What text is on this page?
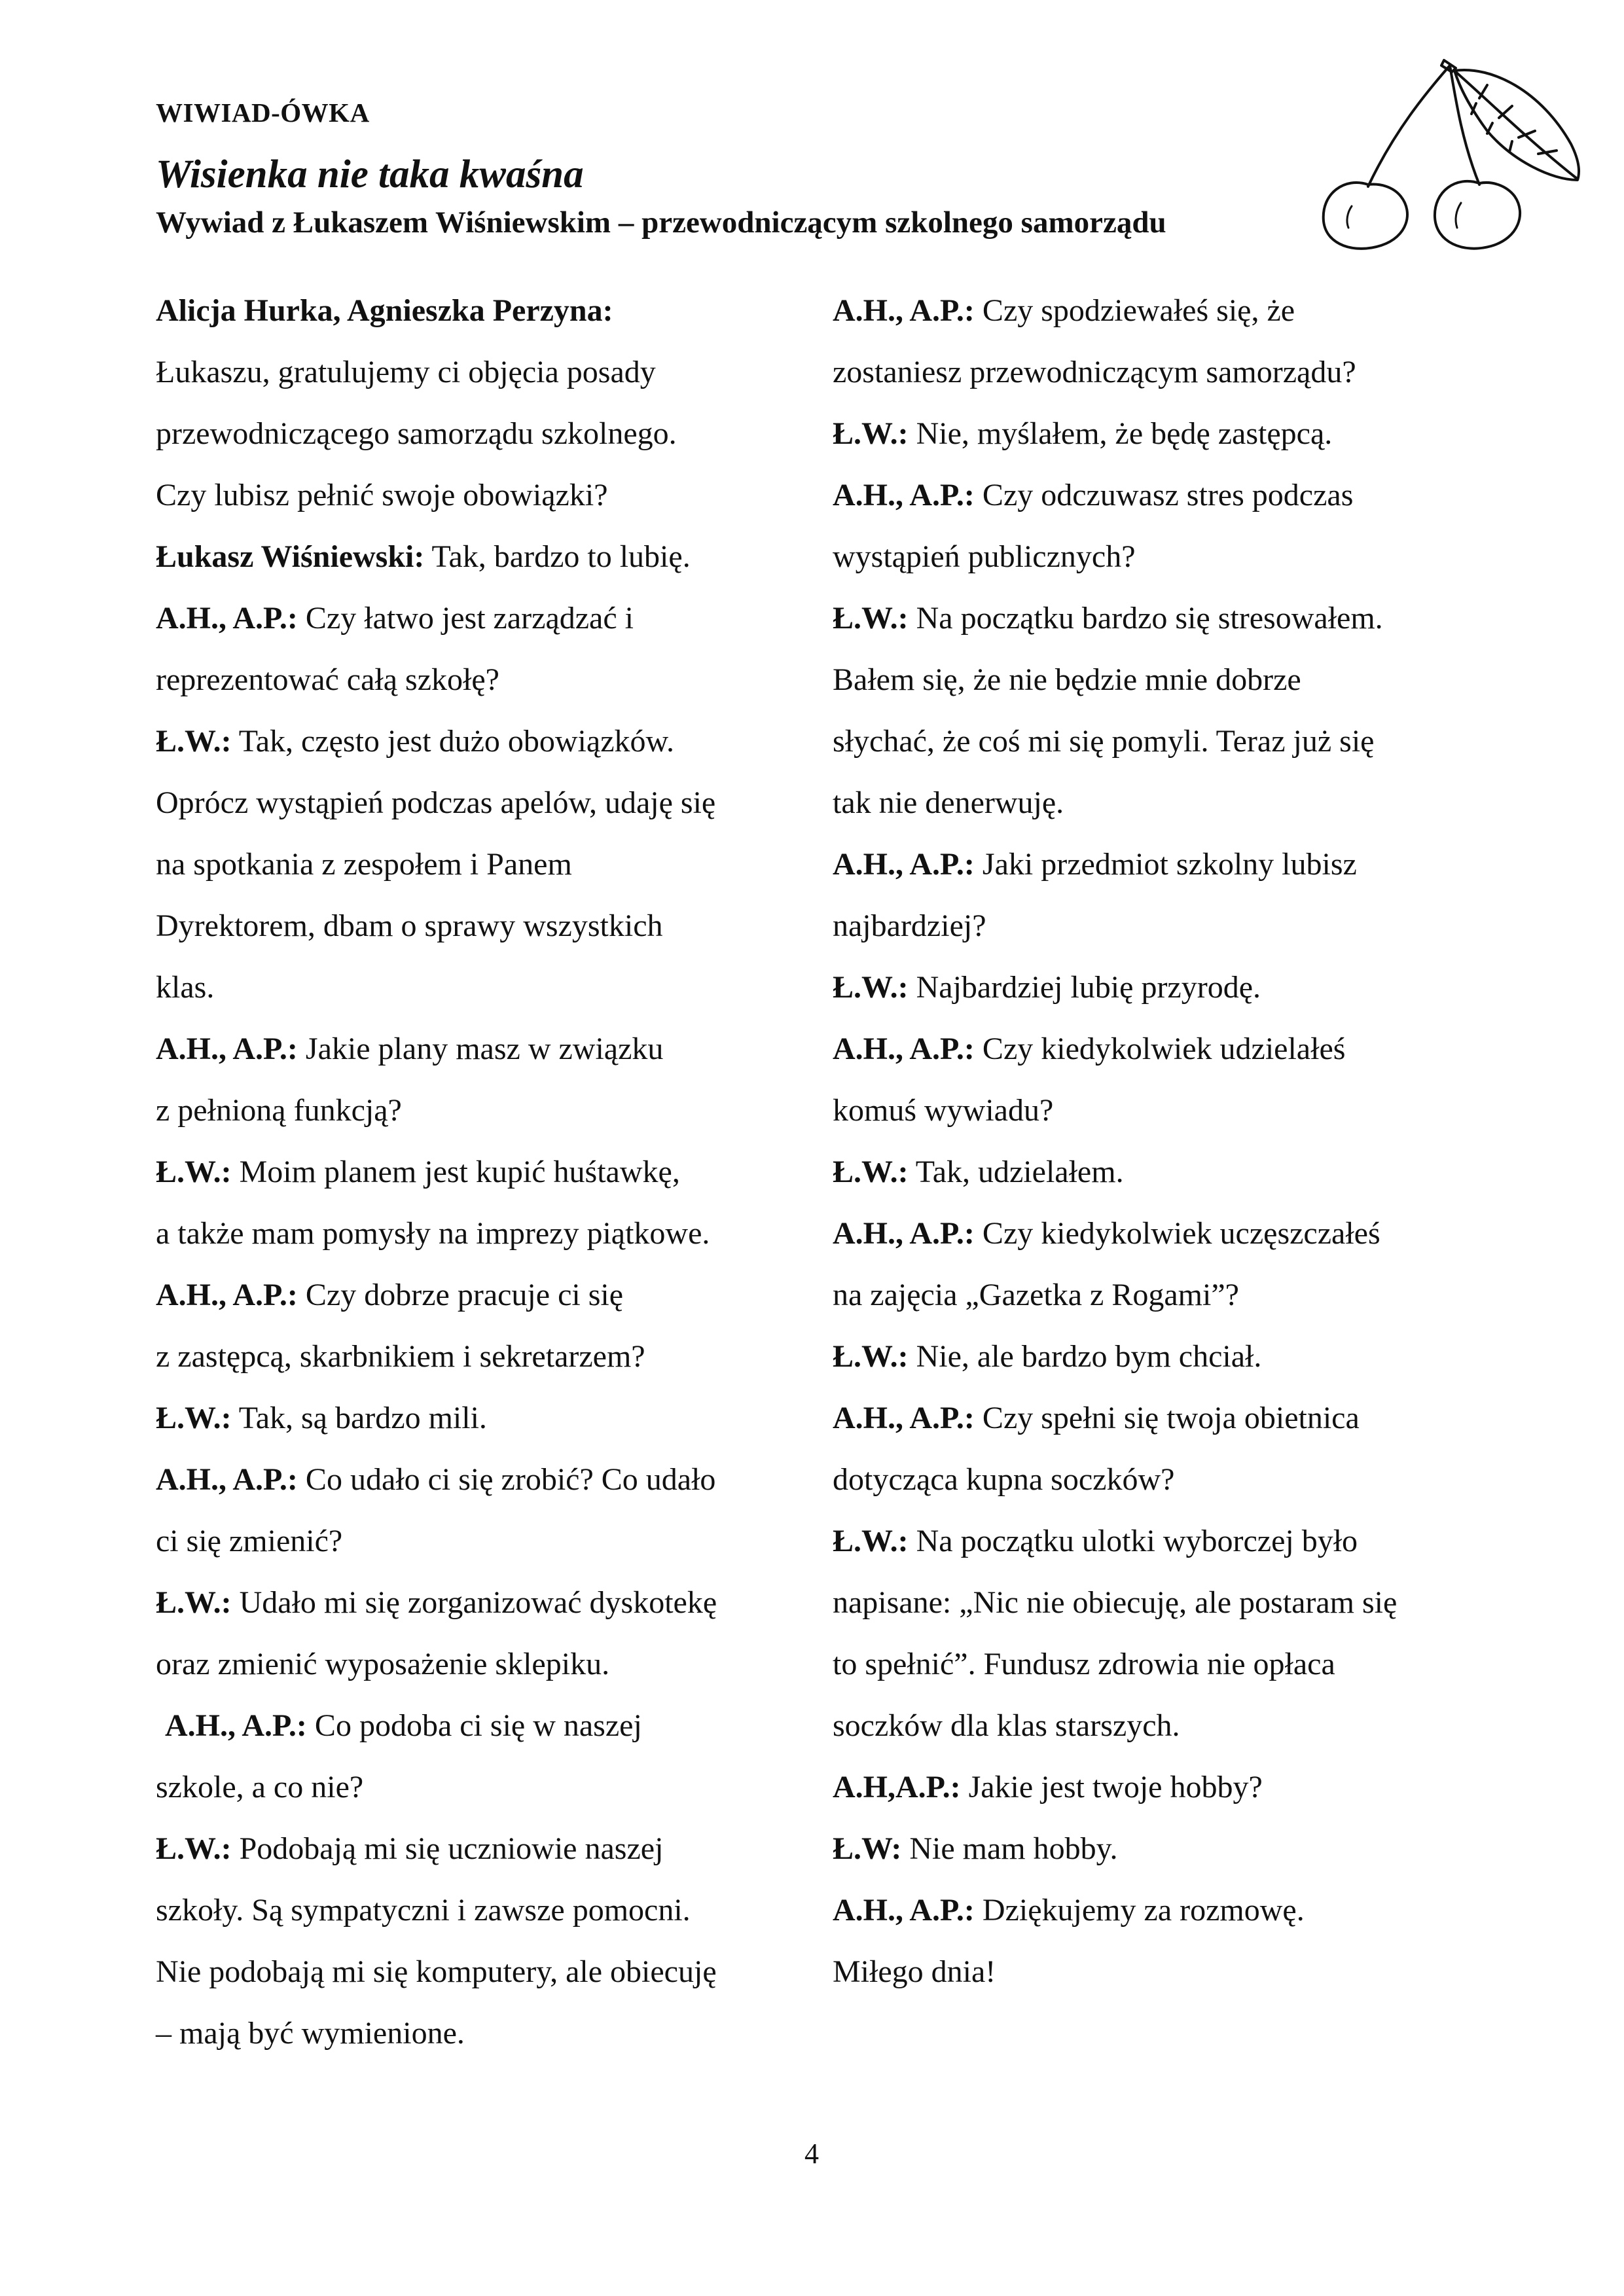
WIWIAD-ÓWKA
Wisienka nie taka kwaśna
Wywiad z Łukaszem Wiśniewskim – przewodniczącym szkolnego samorządu

Alicja Hurka, Agnieszka Perzyna:

Łukaszu, gratulujemy ci objęcia posady

przewodniczącego samorządu szkolnego.

Czy lubisz pełnić swoje obowiązki?

Łukasz Wiśniewski: Tak, bardzo to lubię.

A.H., A.P.: Czy łatwo jest zarządzać i

reprezentować całą szkołę?

Ł.W.: Tak, często jest dużo obowiązków.

Oprócz wystąpień podczas apelów, udaję się

na spotkania z zespołem i Panem

Dyrektorem, dbam o sprawy wszystkich

klas.

A.H., A.P.: Jakie plany masz w związku

z pełnioną funkcją?

Ł.W.: Moim planem jest kupić huśtawkę,

a także mam pomysły na imprezy piątkowe.

A.H., A.P.: Czy dobrze pracuje ci się

z zastępcą, skarbnikiem i sekretarzem?

Ł.W.: Tak, są bardzo mili.

A.H., A.P.: Co udało ci się zrobić? Co udało

ci się zmienić?

Ł.W.: Udało mi się zorganizować dyskotekę

oraz zmienić wyposażenie sklepiku.

A.H., A.P.: Co podoba ci się w naszej

szkole, a co nie?

Ł.W.: Podobają mi się uczniowie naszej

szkoły. Są sympatyczni i zawsze pomocni.

Nie podobają mi się komputery, ale obiecuję

– mają być wymienione.

A.H., A.P.: Czy spodziewałeś się, że

zostaniesz przewodniczącym samorządu?

Ł.W.: Nie, myślałem, że będę zastępcą.

A.H., A.P.: Czy odczuwasz stres podczas

wystąpień publicznych?

Ł.W.: Na początku bardzo się stresowałem.

Bałem się, że nie będzie mnie dobrze

słychać, że coś mi się pomyli. Teraz już się

tak nie denerwuję.

A.H., A.P.: Jaki przedmiot szkolny lubisz

najbardziej?

Ł.W.: Najbardziej lubię przyrodę.

A.H., A.P.: Czy kiedykolwiek udzielałeś

komuś wywiadu?

Ł.W.: Tak, udzielałem.

A.H., A.P.: Czy kiedykolwiek uczęszczałeś

na zajęcia „Gazetka z Rogami”?

Ł.W.: Nie, ale bardzo bym chciał.

A.H., A.P.: Czy spełni się twoja obietnica

dotycząca kupna soczków?

Ł.W.: Na początku ulotki wyborczej było

napisane: „Nic nie obiecuję, ale postaram się

to spełnić”. Fundusz zdrowia nie opłaca

soczków dla klas starszych.

A.H,A.P.: Jakie jest twoje hobby?

Ł.W: Nie mam hobby.

A.H., A.P.: Dziękujemy za rozmowę.

Miłego dnia!

4
